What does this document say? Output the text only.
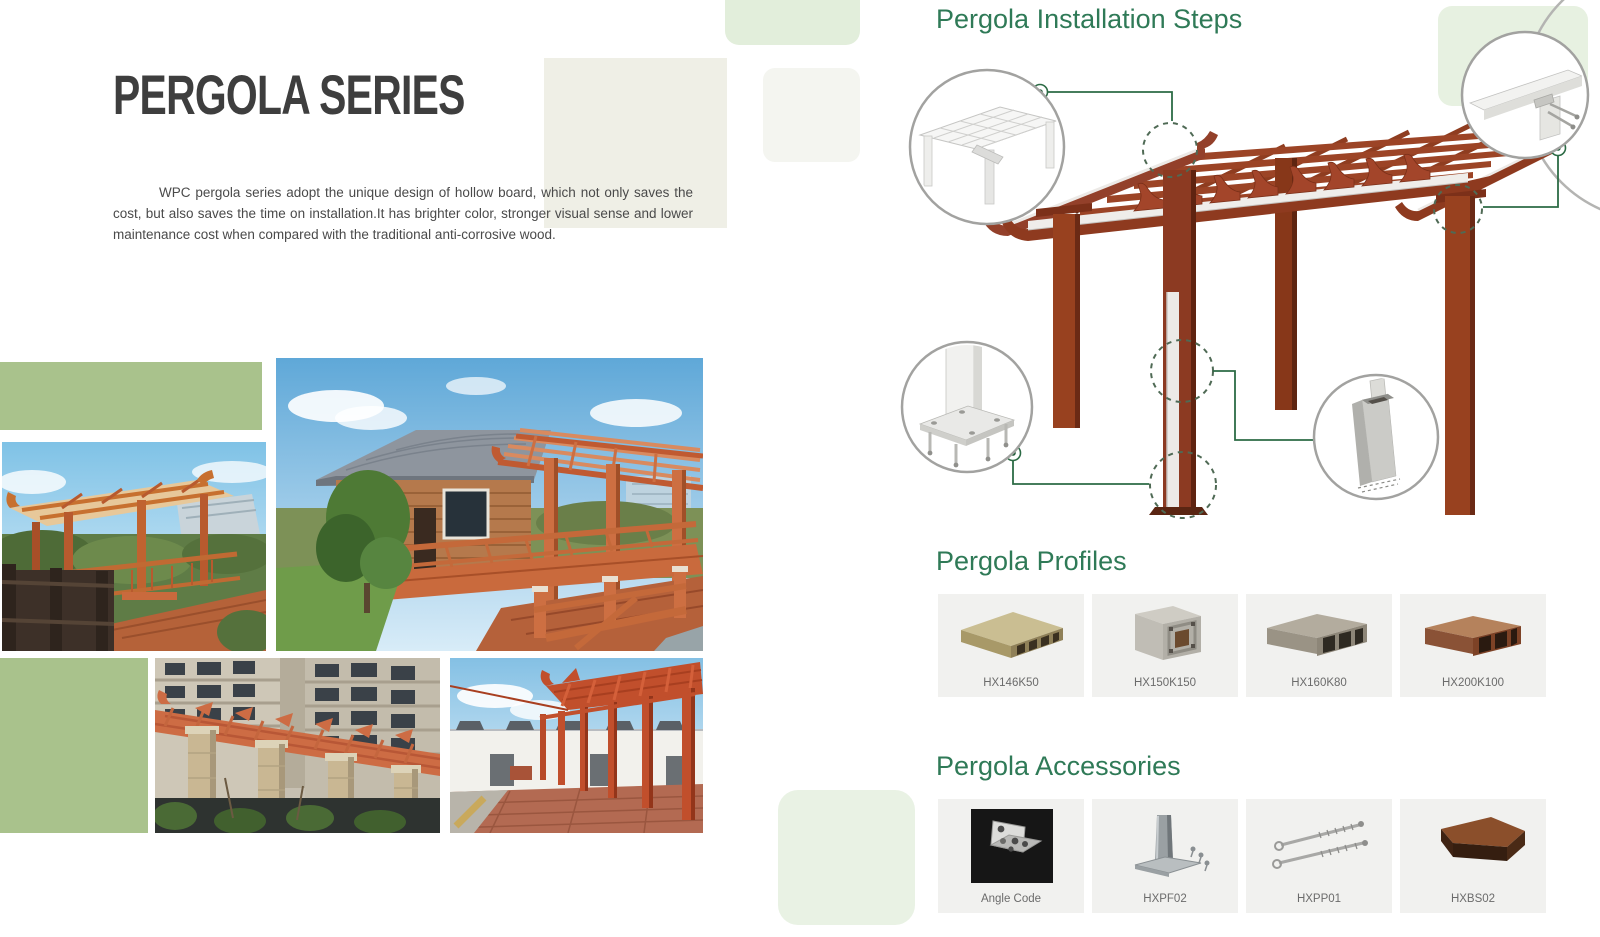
PERGOLA SERIES
WPC pergola series adopt the unique design of hollow board, which not only saves the cost, but also saves the time on installation.It has brighter color, stronger visual sense and lower maintenance cost when compared with the traditional anti-corrosive wood.
Pergola Installation Steps
Pergola Profiles
Pergola Accessories
HX146K50	HX150K150	HX160K80	HX200K100
Angle Code	HXPF02	HXPP01	HXBS02
